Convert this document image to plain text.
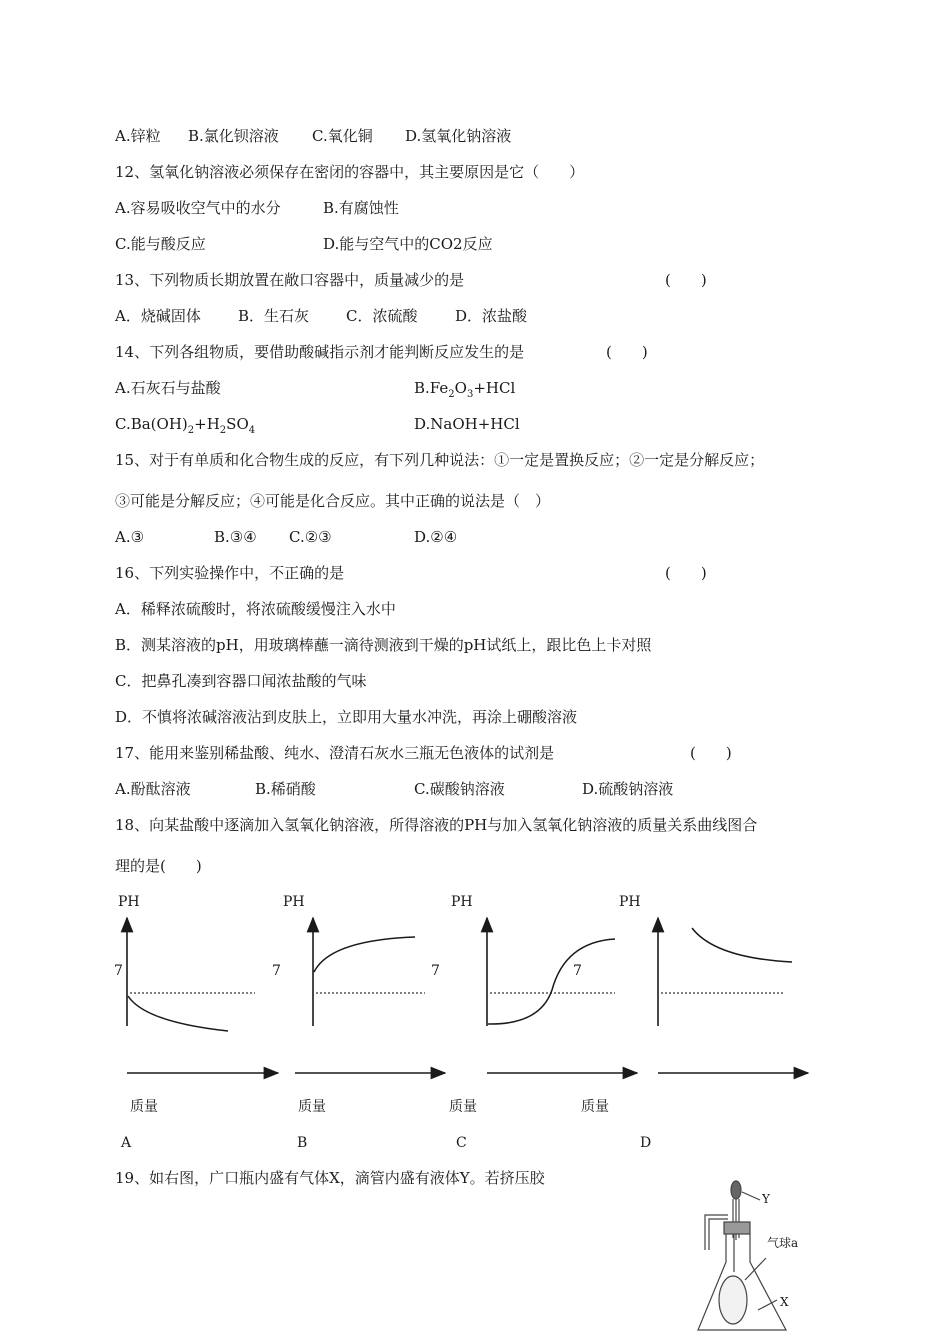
A.锌粒 B.氯化钡溶液 C.氧化铜 D.氢氧化钠溶液
12、氢氧化钠溶液必须保存在密闭的容器中，其主要原因是它（　　）
A.容易吸收空气中的水分	B.有腐蚀性
C.能与酸反应	D.能与空气中的CO2反应
13、下列物质长期放置在敞口容器中，质量减少的是	(　　)
A．烧碱固体 B．生石灰 C．浓硫酸	D．浓盐酸
14、下列各组物质，要借助酸碱指示剂才能判断反应发生的是	(　　)
A.石灰石与盐酸	$B.Fe_2O_3+HCl$
$C.Ba(OH)_2+H_2SO_4$	D.NaOH+HCl
15、对于有单质和化合物生成的反应，有下列几种说法：①一定是置换反应；②一定是分解反应；
③可能是分解反应；④可能是化合反应。其中正确的说法是（　）
A.③	B.③④ C.②③	D.②④
16、下列实验操作中，不正确的是	(　　)
A．稀释浓硫酸时，将浓硫酸缓慢注入水中
B．测某溶液的pH，用玻璃棒蘸一滴待测液到干燥的pH试纸上，跟比色上卡对照
C．把鼻孔凑到容器口闻浓盐酸的气味
D．不慎将浓碱溶液沾到皮肤上，立即用大量水冲洗，再涂上硼酸溶液
17、能用来鉴别稀盐酸、纯水、澄清石灰水三瓶无色液体的试剂是	(　　)
A.酚酞溶液	B.稀硝酸	C.碳酸钠溶液	D.硫酸钠溶液
18、向某盐酸中逐滴加入氢氧化钠溶液，所得溶液的PH与加入氢氧化钠溶液的质量关系曲线图合
理的是(　　)
PH	PH	PH	PH
7	7	7	7
质量	质量	质量	质量
A	B	C	D
19、如右图，广口瓶内盛有气体X，滴管内盛有液体Y。若挤压胶
Y
气球a
X
